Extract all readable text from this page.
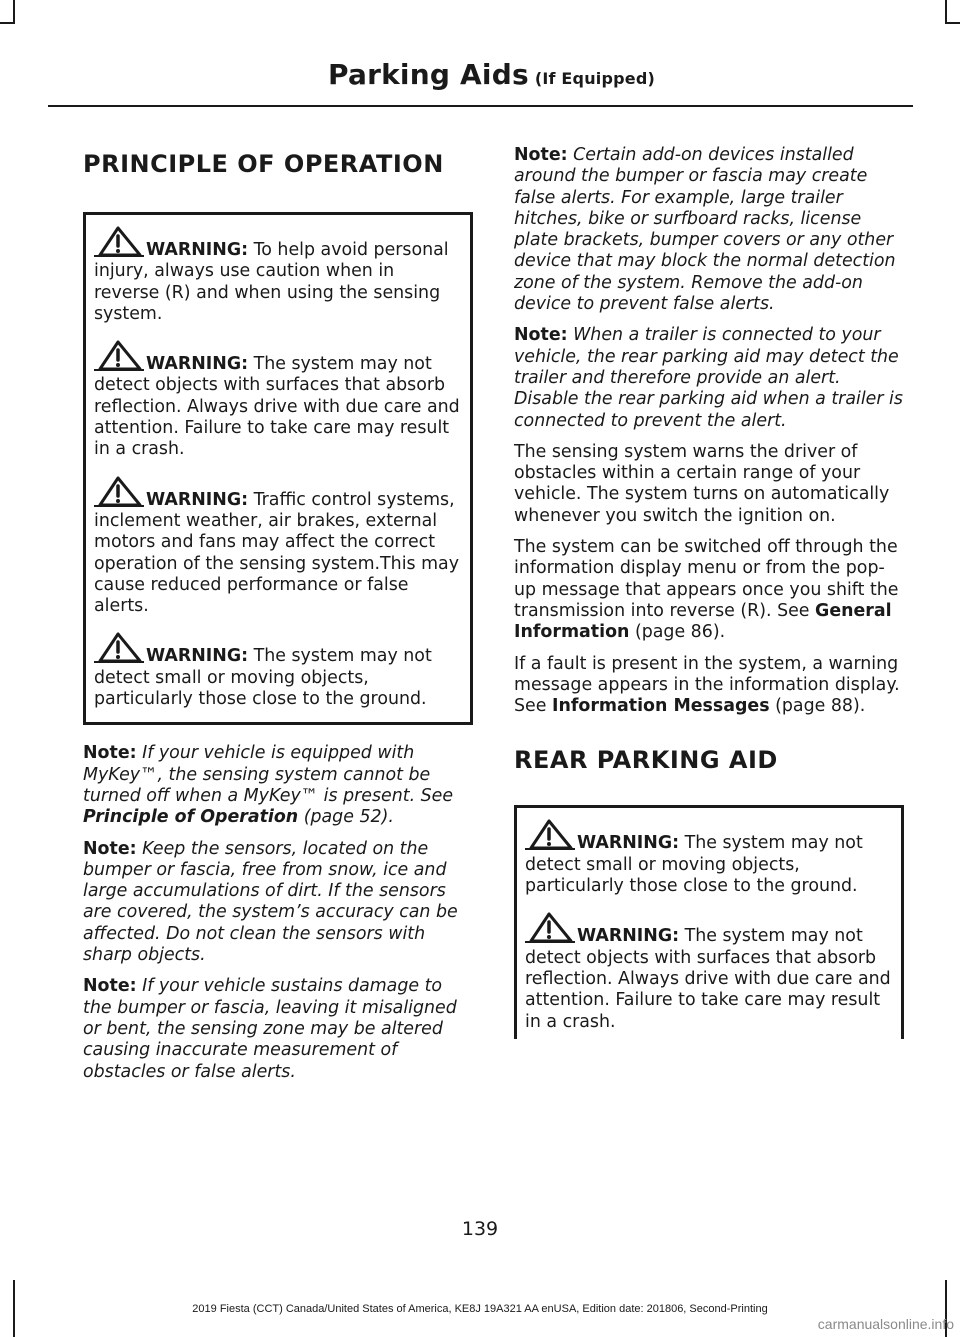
Parking Aids (If Equipped)
PRINCIPLE OF OPERATION

WARNING: To help avoid personal injury, always use caution when in reverse (R) and when using the sensing system.

WARNING: The system may not detect objects with surfaces that absorb reflection. Always drive with due care and attention. Failure to take care may result in a crash.

WARNING: Traffic control systems, inclement weather, air brakes, external motors and fans may affect the correct operation of the sensing system.This may cause reduced performance or false alerts.

WARNING: The system may not detect small or moving objects, particularly those close to the ground.

Note: If your vehicle is equipped with MyKey™, the sensing system cannot be turned off when a MyKey™ is present. See Principle of Operation (page 52).

Note: Keep the sensors, located on the bumper or fascia, free from snow, ice and large accumulations of dirt. If the sensors are covered, the system’s accuracy can be affected. Do not clean the sensors with sharp objects.

Note: If your vehicle sustains damage to the bumper or fascia, leaving it misaligned or bent, the sensing zone may be altered causing inaccurate measurement of obstacles or false alerts.

Note: Certain add-on devices installed around the bumper or fascia may create false alerts. For example, large trailer hitches, bike or surfboard racks, license plate brackets, bumper covers or any other device that may block the normal detection zone of the system. Remove the add-on device to prevent false alerts.

Note: When a trailer is connected to your vehicle, the rear parking aid may detect the trailer and therefore provide an alert. Disable the rear parking aid when a trailer is connected to prevent the alert.

The sensing system warns the driver of obstacles within a certain range of your vehicle. The system turns on automatically whenever you switch the ignition on.

The system can be switched off through the information display menu or from the pop-up message that appears once you shift the transmission into reverse (R). See General Information (page 86).

If a fault is present in the system, a warning message appears in the information display. See Information Messages (page 88).

REAR PARKING AID

WARNING: The system may not detect small or moving objects, particularly those close to the ground.

WARNING: The system may not detect objects with surfaces that absorb reflection. Always drive with due care and attention. Failure to take care may result in a crash.

139
2019 Fiesta (CCT) Canada/United States of America, KE8J 19A321 AA enUSA, Edition date: 201806, Second-Printing
carmanualsonline.info
